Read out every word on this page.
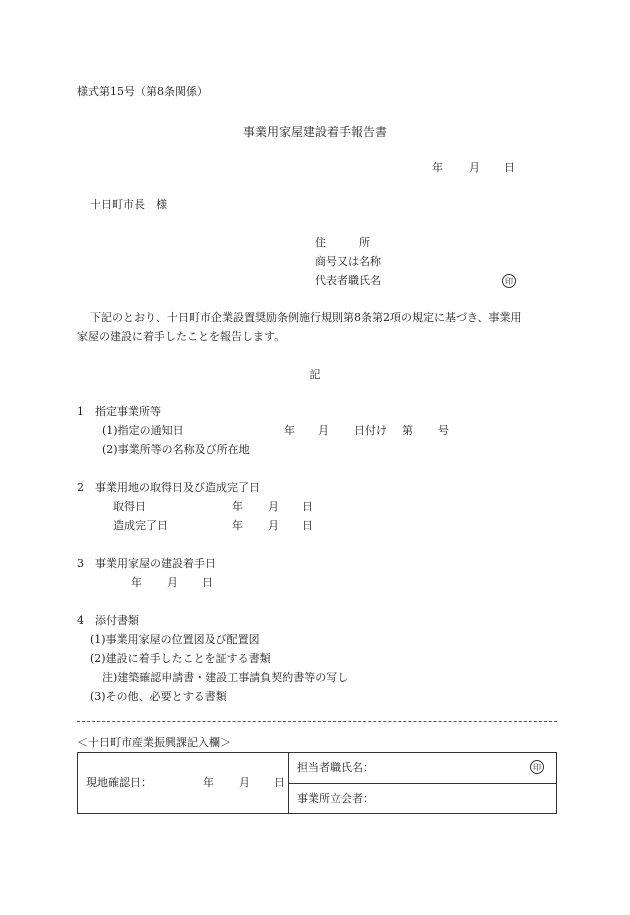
様式第15号（第8条関係）
事業用家屋建設着手報告書
年 月 日
十日町市長　様
住　　　所
商号又は名称
代表者職氏名	印
下記のとおり、十日町市企業設置奨励条例施行規則第8条第2項の規定に基づき、事業用
家屋の建設に着手したことを報告します。
記
1　指定事業所等
(1)指定の通知日	年 月 日付け 第 号
(2)事業所等の名称及び所在地
2　事業用地の取得日及び造成完了日
取得日	年 月 日
造成完了日	年 月 日
3　事業用家屋の建設着手日
年 月 日
4　添付書類
(1)事業用家屋の位置図及び配置図
(2)建設に着手したことを証する書類
注)建築確認申請書・建設工事請負契約書等の写し
(3)その他、必要とする書類
＜十日町市産業振興課記入欄＞
現地確認日：	年 月 日

担当者職氏名：	印

事業所立会者：
